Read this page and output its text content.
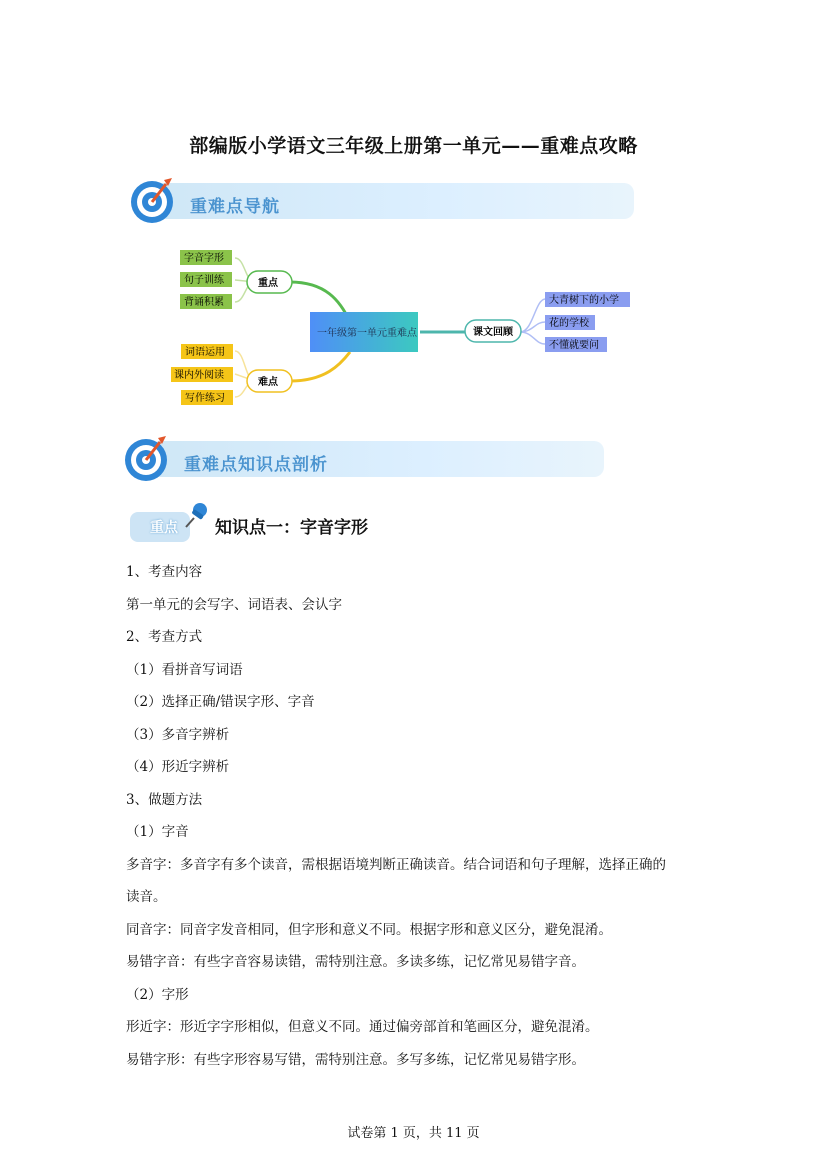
部编版小学语文三年级上册第一单元——重难点攻略
重难点导航
字音字形
句子训练
背诵积累
重点
词语运用
课内外阅读
写作练习
难点
一年级第一单元重难点	课文回顾
大青树下的小学
花的学校
不懂就要问
重难点知识点剖析
重点 知识点一：字音字形
1、考查内容
第一单元的会写字、词语表、会认字
2、考查方式
（1）看拼音写词语
（2）选择正确/错误字形、字音
（3）多音字辨析
（4）形近字辨析
3、做题方法
（1）字音
多音字：多音字有多个读音，需根据语境判断正确读音。结合词语和句子理解，选择正确的
读音。
同音字：同音字发音相同，但字形和意义不同。根据字形和意义区分，避免混淆。
易错字音：有些字音容易读错，需特别注意。多读多练，记忆常见易错字音。
（2）字形
形近字：形近字字形相似，但意义不同。通过偏旁部首和笔画区分，避免混淆。
易错字形：有些字形容易写错，需特别注意。多写多练，记忆常见易错字形。
试卷第 1 页，共 11 页
